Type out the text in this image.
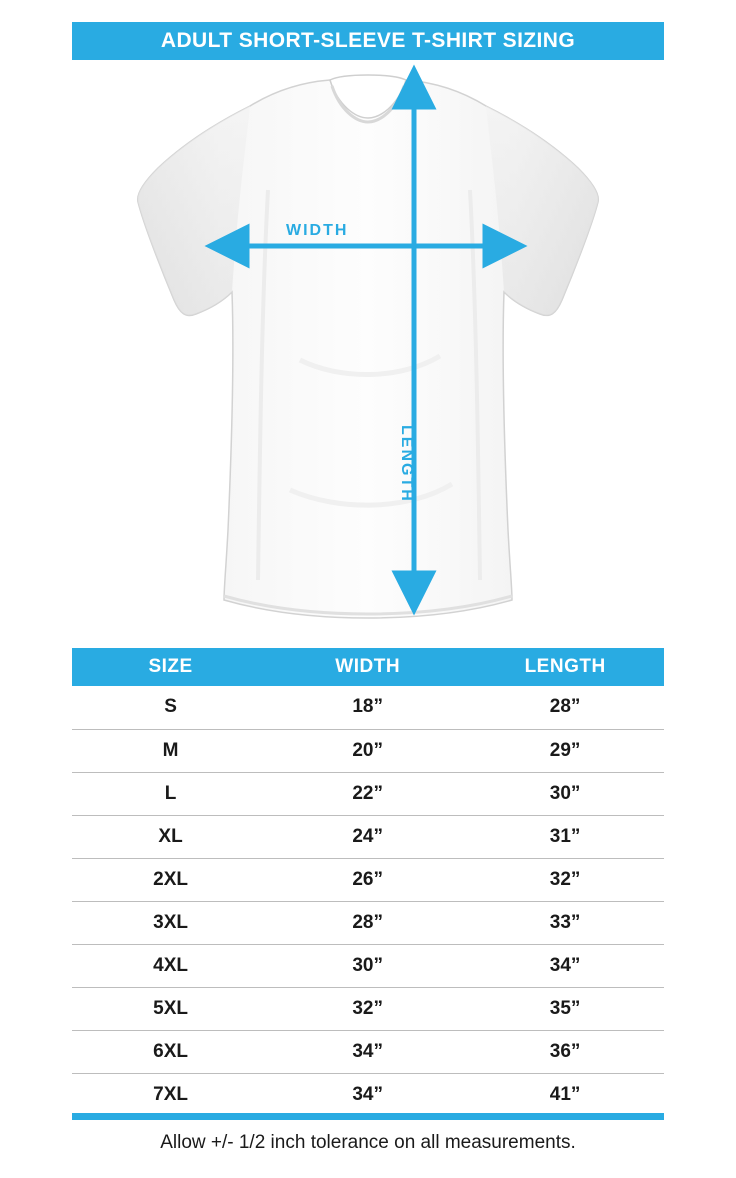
ADULT SHORT-SLEEVE T-SHIRT SIZING
WIDTH
LENGTH
SIZE	WIDTH	LENGTH
S	18”	28”
M	20”	29”
L	22”	30”
XL	24”	31”
2XL	26”	32”
3XL	28”	33”
4XL	30”	34”
5XL	32”	35”
6XL	34”	36”
7XL	34”	41”
Allow +/- 1/2 inch tolerance on all measurements.
